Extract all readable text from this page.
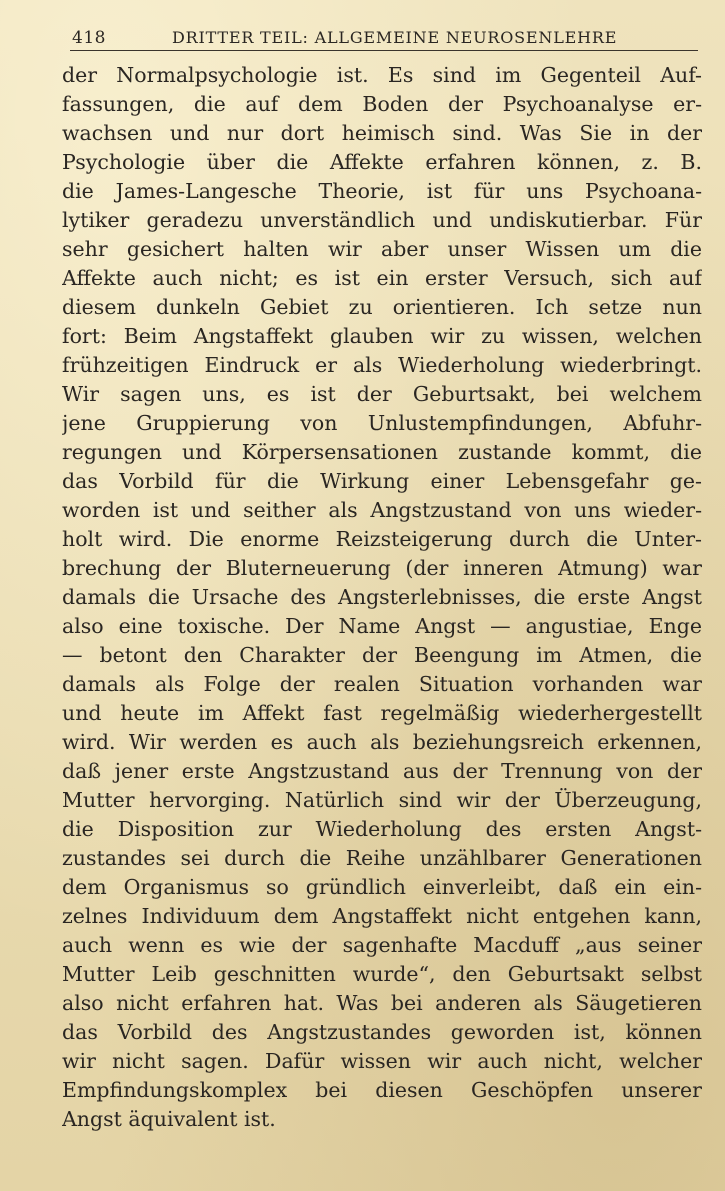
418	DRITTER TEIL: ALLGEMEINE NEUROSENLEHRE
der Normalpsychologie ist. Es sind im Gegenteil Auf-
fassungen, die auf dem Boden der Psychoanalyse er-
wachsen und nur dort heimisch sind. Was Sie in der
Psychologie über die Affekte erfahren können, z. B.
die James-Langesche Theorie, ist für uns Psychoana-
lytiker geradezu unverständlich und undiskutierbar. Für
sehr gesichert halten wir aber unser Wissen um die
Affekte auch nicht; es ist ein erster Versuch, sich auf
diesem dunkeln Gebiet zu orientieren. Ich setze nun
fort: Beim Angstaffekt glauben wir zu wissen, welchen
frühzeitigen Eindruck er als Wiederholung wiederbringt.
Wir sagen uns, es ist der Geburtsakt, bei welchem
jene Gruppierung von Unlustempfindungen, Abfuhr-
regungen und Körpersensationen zustande kommt, die
das Vorbild für die Wirkung einer Lebensgefahr ge-
worden ist und seither als Angstzustand von uns wieder-
holt wird. Die enorme Reizsteigerung durch die Unter-
brechung der Bluterneuerung (der inneren Atmung) war
damals die Ursache des Angsterlebnisses, die erste Angst
also eine toxische. Der Name Angst — angustiae, Enge
— betont den Charakter der Beengung im Atmen, die
damals als Folge der realen Situation vorhanden war
und heute im Affekt fast regelmäßig wiederhergestellt
wird. Wir werden es auch als beziehungsreich erkennen,
daß jener erste Angstzustand aus der Trennung von der
Mutter hervorging. Natürlich sind wir der Überzeugung,
die Disposition zur Wiederholung des ersten Angst-
zustandes sei durch die Reihe unzählbarer Generationen
dem Organismus so gründlich einverleibt, daß ein ein-
zelnes Individuum dem Angstaffekt nicht entgehen kann,
auch wenn es wie der sagenhafte Macduff „aus seiner
Mutter Leib geschnitten wurde“, den Geburtsakt selbst
also nicht erfahren hat. Was bei anderen als Säugetieren
das Vorbild des Angstzustandes geworden ist, können
wir nicht sagen. Dafür wissen wir auch nicht, welcher
Empfindungskomplex bei diesen Geschöpfen unserer
Angst äquivalent ist.
